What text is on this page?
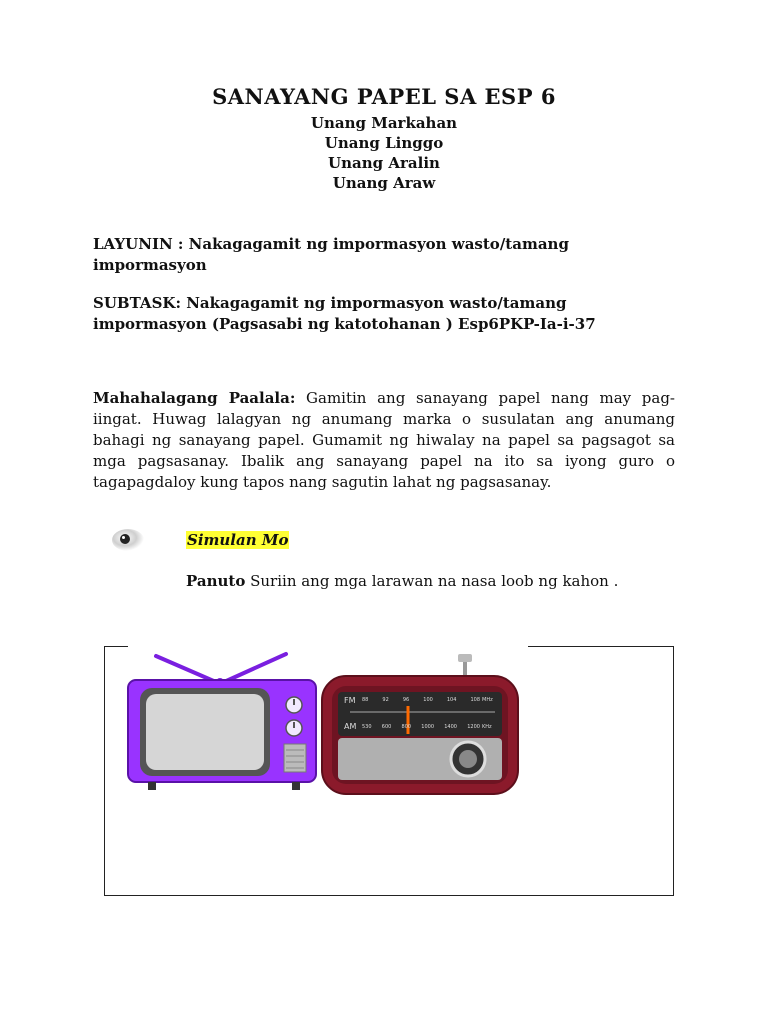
SANAYANG PAPEL SA ESP 6
Unang Markahan
Unang Linggo
Unang Aralin
Unang Araw
LAYUNIN : Nakagagamit ng impormasyon wasto/tamang
impormasyon
SUBTASK: Nakagagamit ng impormasyon wasto/tamang
impormasyon (Pagsasabi ng katotohanan ) Esp6PKP-Ia-i-37
Mahahalagang Paalala: Gamitin ang sanayang papel nang may pag-iingat. Huwag lalagyan ng anumang marka o susulatan ang anumang bahagi ng sanayang papel. Gumamit ng hiwalay na papel sa pagsagot sa mga pagsasanay. Ibalik ang sanayang papel na ito sa iyong guro o tagapagdaloy kung tapos nang sagutin lahat ng pagsasanay.
Simulan Mo
Panuto Suriin ang mga larawan na nasa loob ng kahon .
FM
AM
MHz
KHz
88	92	96	100	104	108
530 600 800 1000 1400 1200
